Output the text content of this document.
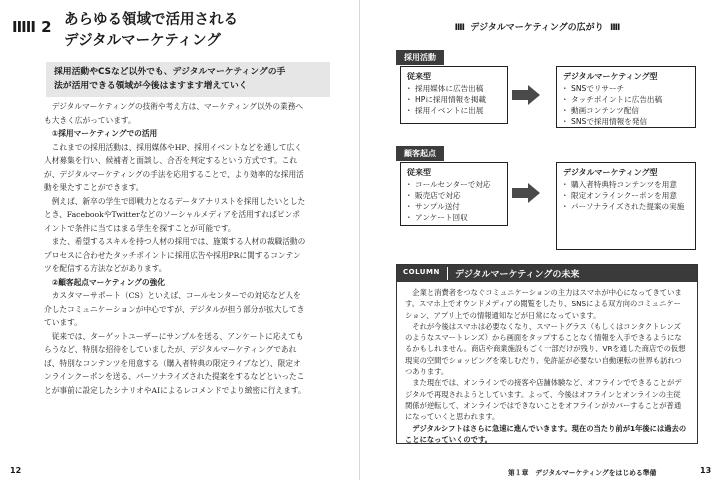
IIIII 2 あらゆる領域で活用される
デジタルマーケティング
採用活動やCSなど以外でも、デジタルマーケティングの手
法が活用できる領域が今後はますます増えていく

デジタルマーケティングの技術や考え方は、マーケティング以外の業務へも大きく広がっています。

①採用マーケティングでの活用

これまでの採用活動は、採用媒体やHP、採用イベントなどを通して広く人材募集を行い、候補者と面談し、合否を判定するという方式です。これが、デジタルマーケティングの手法を応用することで、より効率的な採用活動を果たすことができます。

例えば、新卒の学生で即戦力となるデータアナリストを採用したいとしたとき、FacebookやTwitterなどのソーシャルメディアを活用すればピンポイントで条件に当てはまる学生を探すことが可能です。

また、希望するスキルを持つ人材の採用では、施策する人材の裁職活動のプロセスに合わせたタッチポイントに採用広告や採用PRに関するコンテンツを配信する方法などがあります。

②顧客起点マーケティングの強化

カスタマーサポート（CS）といえば、コールセンターでの対応など人を介したコミュニケーションが中心ですが、デジタルが担う部分が拡大してきています。

従来では、ターゲットユーザーにサンプルを送る、アンケートに応えてもらうなど、特別な招待をしていましたが、デジタルマーケティングであれば、特別なコンテンツを用意する（購入者特典の限定ライブなど）、限定オンラインクーポンを送る、パーソナライズされた提案をするなどといったことが事前に設定したシナリオやAIによるレコメンドでより緻密に行えます。

12
IIII デジタルマーケティングの広がり IIII
採用活動
従来型
・ 採用媒体に広告出稿
・ HPに採用情報を掲載
・ 採用イベントに出展
デジタルマーケティング型
・ SNSでリサーチ
・ タッチポイントに広告出稿
・ 動画コンテンツ配信
・ SNSで採用情報を発信
顧客起点
従来型
・ コールセンターで対応
・ 販売店で対応
・ サンプル送付
・ アンケート回収
デジタルマーケティング型
・ 購入者特典特コンテンツを用意
・ 限定オンラインクーポンを用意
・ パーソナライズされた提案の実施
COLUMN デジタルマーケティングの未来

企業と消費者をつなぐコミュニケーションの主力はスマホが中心になってきています。スマホ上でオウンドメディアの閲覧をしたり、SNSによる双方向のコミュニケーション、アプリ上での情報通知などが日常になっています。

それが今後はスマホは必要なくなり、スマートグラス（もしくはコンタクトレンズのようなスマートレンズ）から画面をタップすることなく情報を入手できるようになるかもしれません。商店や商業施設もごく一部だけが残り、VRを通した商店での仮想現実の空間でショッピングを楽しむだり、免許証が必要ない自動運転の世界も訪れつつあります。

また現在では、オンラインでの接客や店舗体験など、オフラインでできることがデジタルで再現されようとしています。よって、今後はオフラインとオンラインの主従関係が逆転して、オンラインではできないことをオフラインがカバーすることが普通になっていくと思われます。

デジタルシフトはさらに急速に進んでいきます。現在の当たり前が1年後には過去のことになっていくのです。

第１章　デジタルマーケティングをはじめる準備	13
